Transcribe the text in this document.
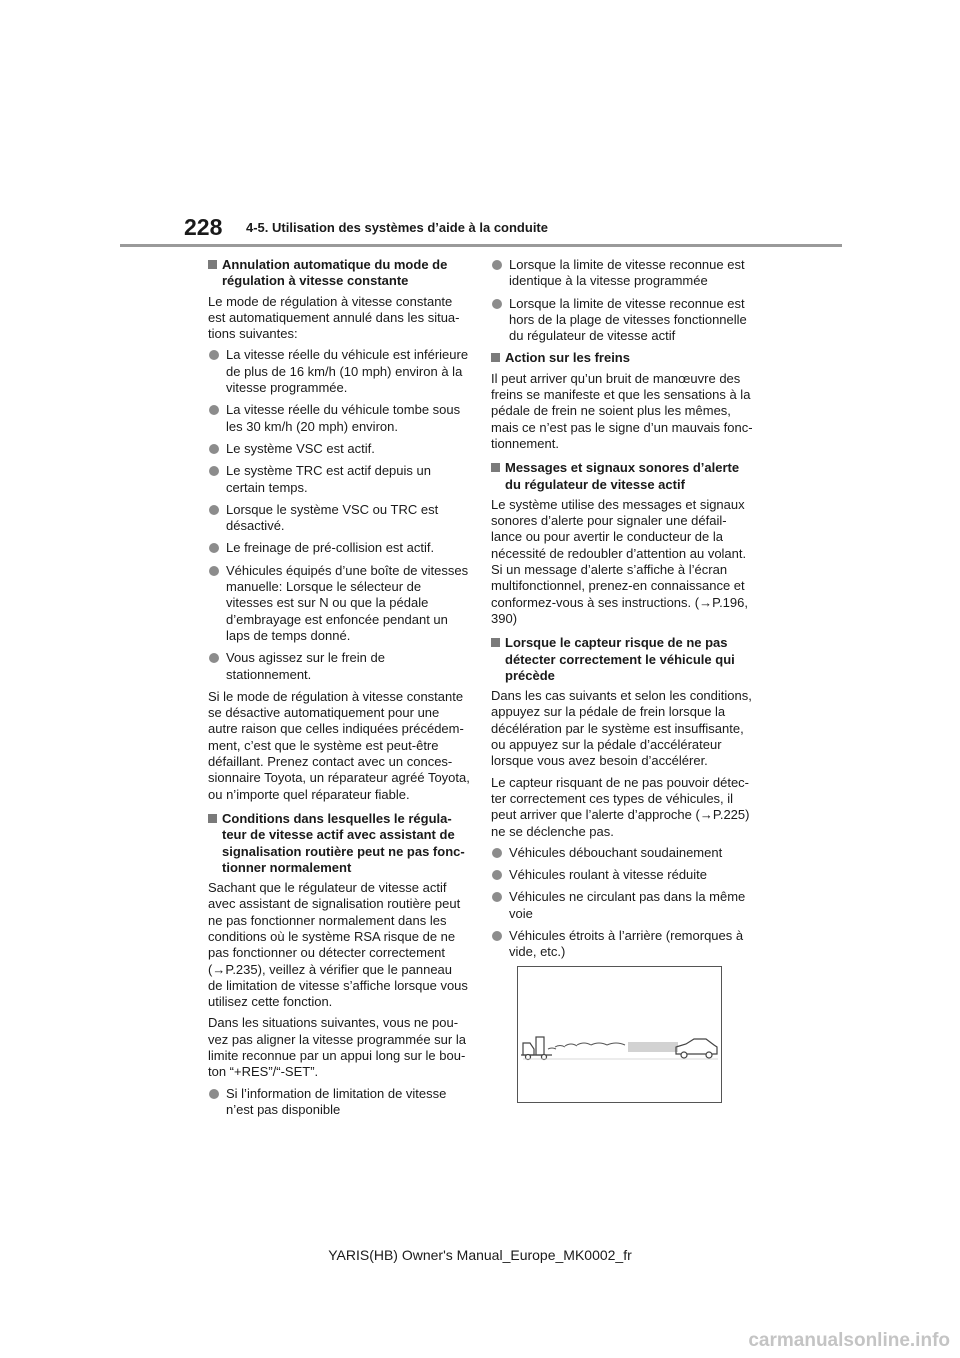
228 4-5. Utilisation des systèmes d’aide à la conduite
Annulation automatique du mode de régulation à vitesse constante

Le mode de régulation à vitesse constante est automatiquement annulé dans les situa-tions suivantes:

La vitesse réelle du véhicule est inférieure de plus de 16 km/h (10 mph) environ à la vitesse programmée.
La vitesse réelle du véhicule tombe sous les 30 km/h (20 mph) environ.
Le système VSC est actif.
Le système TRC est actif depuis un certain temps.
Lorsque le système VSC ou TRC est désactivé.
Le freinage de pré-collision est actif.
Véhicules équipés d’une boîte de vitesses manuelle: Lorsque le sélecteur de vitesses est sur N ou que la pédale d’embrayage est enfoncée pendant un laps de temps donné.
Vous agissez sur le frein de stationnement.

Si le mode de régulation à vitesse constante se désactive automatiquement pour une autre raison que celles indiquées précédem-ment, c’est que le système est peut-être défaillant. Prenez contact avec un conces-sionnaire Toyota, un réparateur agréé Toyota, ou n’importe quel réparateur fiable.

Conditions dans lesquelles le régula-teur de vitesse actif avec assistant de signalisation routière peut ne pas fonc-tionner normalement

Sachant que le régulateur de vitesse actif avec assistant de signalisation routière peut ne pas fonctionner normalement dans les conditions où le système RSA risque de ne pas fonctionner ou détecter correctement (→P.235), veillez à vérifier que le panneau de limitation de vitesse s’affiche lorsque vous utilisez cette fonction.

Dans les situations suivantes, vous ne pou-vez pas aligner la vitesse programmée sur la limite reconnue par un appui long sur le bou-ton “+RES”/“-SET”.

Si l’information de limitation de vitesse n’est pas disponible
Lorsque la limite de vitesse reconnue est identique à la vitesse programmée
Lorsque la limite de vitesse reconnue est hors de la plage de vitesses fonctionnelle du régulateur de vitesse actif
Action sur les freins

Il peut arriver qu’un bruit de manœuvre des freins se manifeste et que les sensations à la pédale de frein ne soient plus les mêmes, mais ce n’est pas le signe d’un mauvais fonc-tionnement.

Messages et signaux sonores d’alerte du régulateur de vitesse actif

Le système utilise des messages et signaux sonores d’alerte pour signaler une défail-lance ou pour avertir le conducteur de la nécessité de redoubler d’attention au volant. Si un message d’alerte s’affiche à l’écran multifonctionnel, prenez-en connaissance et conformez-vous à ses instructions. (→P.196, 390)

Lorsque le capteur risque de ne pas détecter correctement le véhicule qui précède

Dans les cas suivants et selon les conditions, appuyez sur la pédale de frein lorsque la décélération par le système est insuffisante, ou appuyez sur la pédale d’accélérateur lorsque vous avez besoin d’accélérer.

Le capteur risquant de ne pas pouvoir détec-ter correctement ces types de véhicules, il peut arriver que l’alerte d’approche (→P.225) ne se déclenche pas.

Véhicules débouchant soudainement
Véhicules roulant à vitesse réduite
Véhicules ne circulant pas dans la même voie
Véhicules étroits à l’arrière (remorques à vide, etc.)
YARIS(HB) Owner's Manual_Europe_MK0002_fr
carmanualsonline.info
